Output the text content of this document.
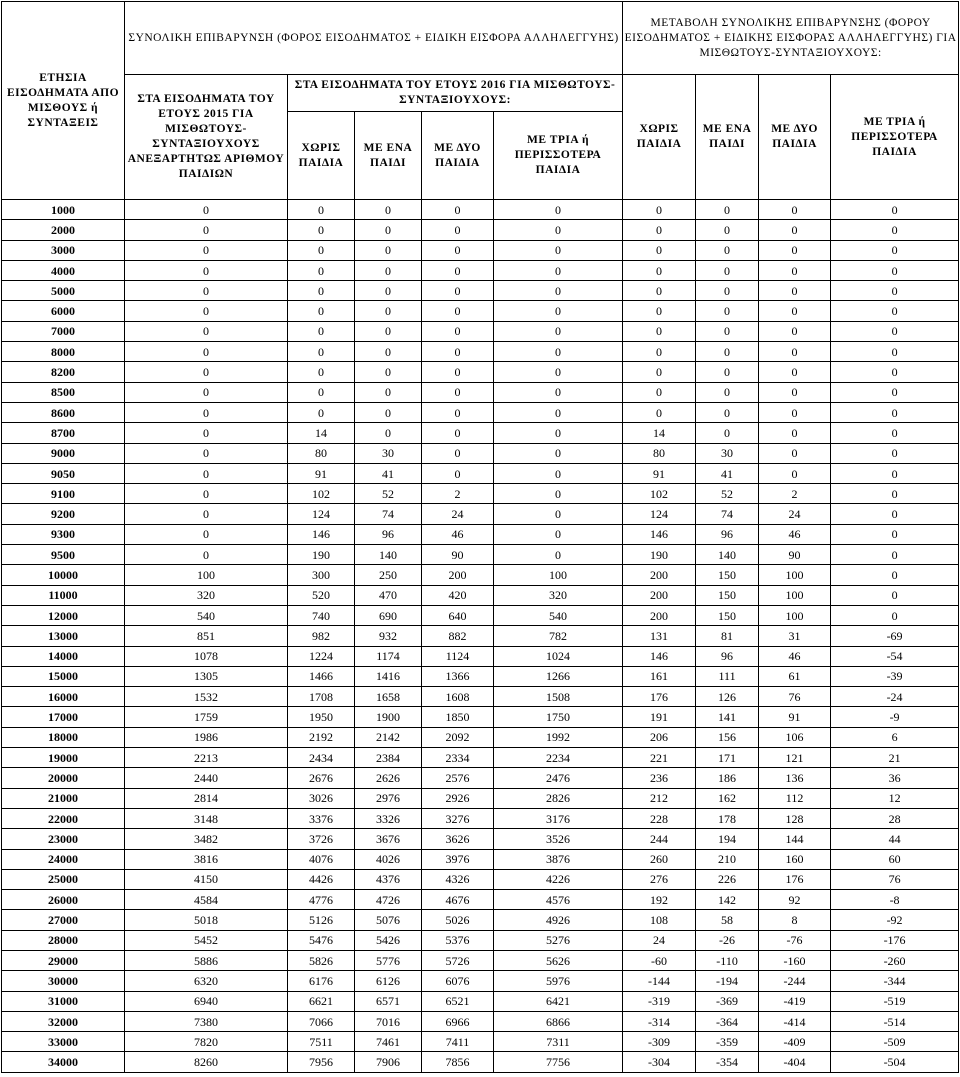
ΕΤΗΣΙΑ ΕΙΣΟΔΗΜΑΤΑ ΑΠΟ ΜΙΣΘΟΥΣ ή ΣΥΝΤΑΞΕΙΣ	ΣΥΝΟΛΙΚΗ ΕΠΙΒΑΡΥΝΣΗ (ΦΟΡΟΣ ΕΙΣΟΔΗΜΑΤΟΣ + ΕΙΔΙΚΗ ΕΙΣΦΟΡΑ ΑΛΛΗΛΕΓΓΥΗΣ)					ΜΕΤΑΒΟΛΗ ΣΥΝΟΛΙΚΗΣ ΕΠΙΒΑΡΥΝΣΗΣ (ΦΟΡΟΥ ΕΙΣΟΔΗΜΑΤΟΣ + ΕΙΔΙΚΗΣ ΕΙΣΦΟΡΑΣ ΑΛΛΗΛΕΓΓΥΗΣ) ΓΙΑ ΜΙΣΘΩΤΟΥΣ-ΣΥΝΤΑΞΙΟΥΧΟΥΣ:			
	ΣΤΑ ΕΙΣΟΔΗΜΑΤΑ ΤΟΥ ΕΤΟΥΣ 2015 ΓΙΑ ΜΙΣΘΩΤΟΥΣ-ΣΥΝΤΑΞΙΟΥΧΟΥΣ ΑΝΕΞΑΡΤΗΤΩΣ ΑΡΙΘΜΟΥ ΠΑΙΔΙΩΝ	ΣΤΑ ΕΙΣΟΔΗΜΑΤΑ ΤΟΥ ΕΤΟΥΣ 2016 ΓΙΑ ΜΙΣΘΩΤΟΥΣ-ΣΥΝΤΑΞΙΟΥΧΟΥΣ:				ΧΩΡΙΣ ΠΑΙΔΙΑ	ΜΕ ΕΝΑ ΠΑΙΔΙ	ΜΕ ΔΥΟ ΠΑΙΔΙΑ	ΜΕ ΤΡΙΑ ή ΠΕΡΙΣΣΟΤΕΡΑ ΠΑΙΔΙΑ
		ΧΩΡΙΣ ΠΑΙΔΙΑ	ΜΕ ΕΝΑ ΠΑΙΔΙ	ΜΕ ΔΥΟ ΠΑΙΔΙΑ	ΜΕ ΤΡΙΑ ή ΠΕΡΙΣΣΟΤΕΡΑ ΠΑΙΔΙΑ				
1000	0	0	0	0	0	0	0	0	0
2000	0	0	0	0	0	0	0	0	0
3000	0	0	0	0	0	0	0	0	0
4000	0	0	0	0	0	0	0	0	0
5000	0	0	0	0	0	0	0	0	0
6000	0	0	0	0	0	0	0	0	0
7000	0	0	0	0	0	0	0	0	0
8000	0	0	0	0	0	0	0	0	0
8200	0	0	0	0	0	0	0	0	0
8500	0	0	0	0	0	0	0	0	0
8600	0	0	0	0	0	0	0	0	0
8700	0	14	0	0	0	14	0	0	0
9000	0	80	30	0	0	80	30	0	0
9050	0	91	41	0	0	91	41	0	0
9100	0	102	52	2	0	102	52	2	0
9200	0	124	74	24	0	124	74	24	0
9300	0	146	96	46	0	146	96	46	0
9500	0	190	140	90	0	190	140	90	0
10000	100	300	250	200	100	200	150	100	0
11000	320	520	470	420	320	200	150	100	0
12000	540	740	690	640	540	200	150	100	0
13000	851	982	932	882	782	131	81	31	-69
14000	1078	1224	1174	1124	1024	146	96	46	-54
15000	1305	1466	1416	1366	1266	161	111	61	-39
16000	1532	1708	1658	1608	1508	176	126	76	-24
17000	1759	1950	1900	1850	1750	191	141	91	-9
18000	1986	2192	2142	2092	1992	206	156	106	6
19000	2213	2434	2384	2334	2234	221	171	121	21
20000	2440	2676	2626	2576	2476	236	186	136	36
21000	2814	3026	2976	2926	2826	212	162	112	12
22000	3148	3376	3326	3276	3176	228	178	128	28
23000	3482	3726	3676	3626	3526	244	194	144	44
24000	3816	4076	4026	3976	3876	260	210	160	60
25000	4150	4426	4376	4326	4226	276	226	176	76
26000	4584	4776	4726	4676	4576	192	142	92	-8
27000	5018	5126	5076	5026	4926	108	58	8	-92
28000	5452	5476	5426	5376	5276	24	-26	-76	-176
29000	5886	5826	5776	5726	5626	-60	-110	-160	-260
30000	6320	6176	6126	6076	5976	-144	-194	-244	-344
31000	6940	6621	6571	6521	6421	-319	-369	-419	-519
32000	7380	7066	7016	6966	6866	-314	-364	-414	-514
33000	7820	7511	7461	7411	7311	-309	-359	-409	-509
34000	8260	7956	7906	7856	7756	-304	-354	-404	-504
